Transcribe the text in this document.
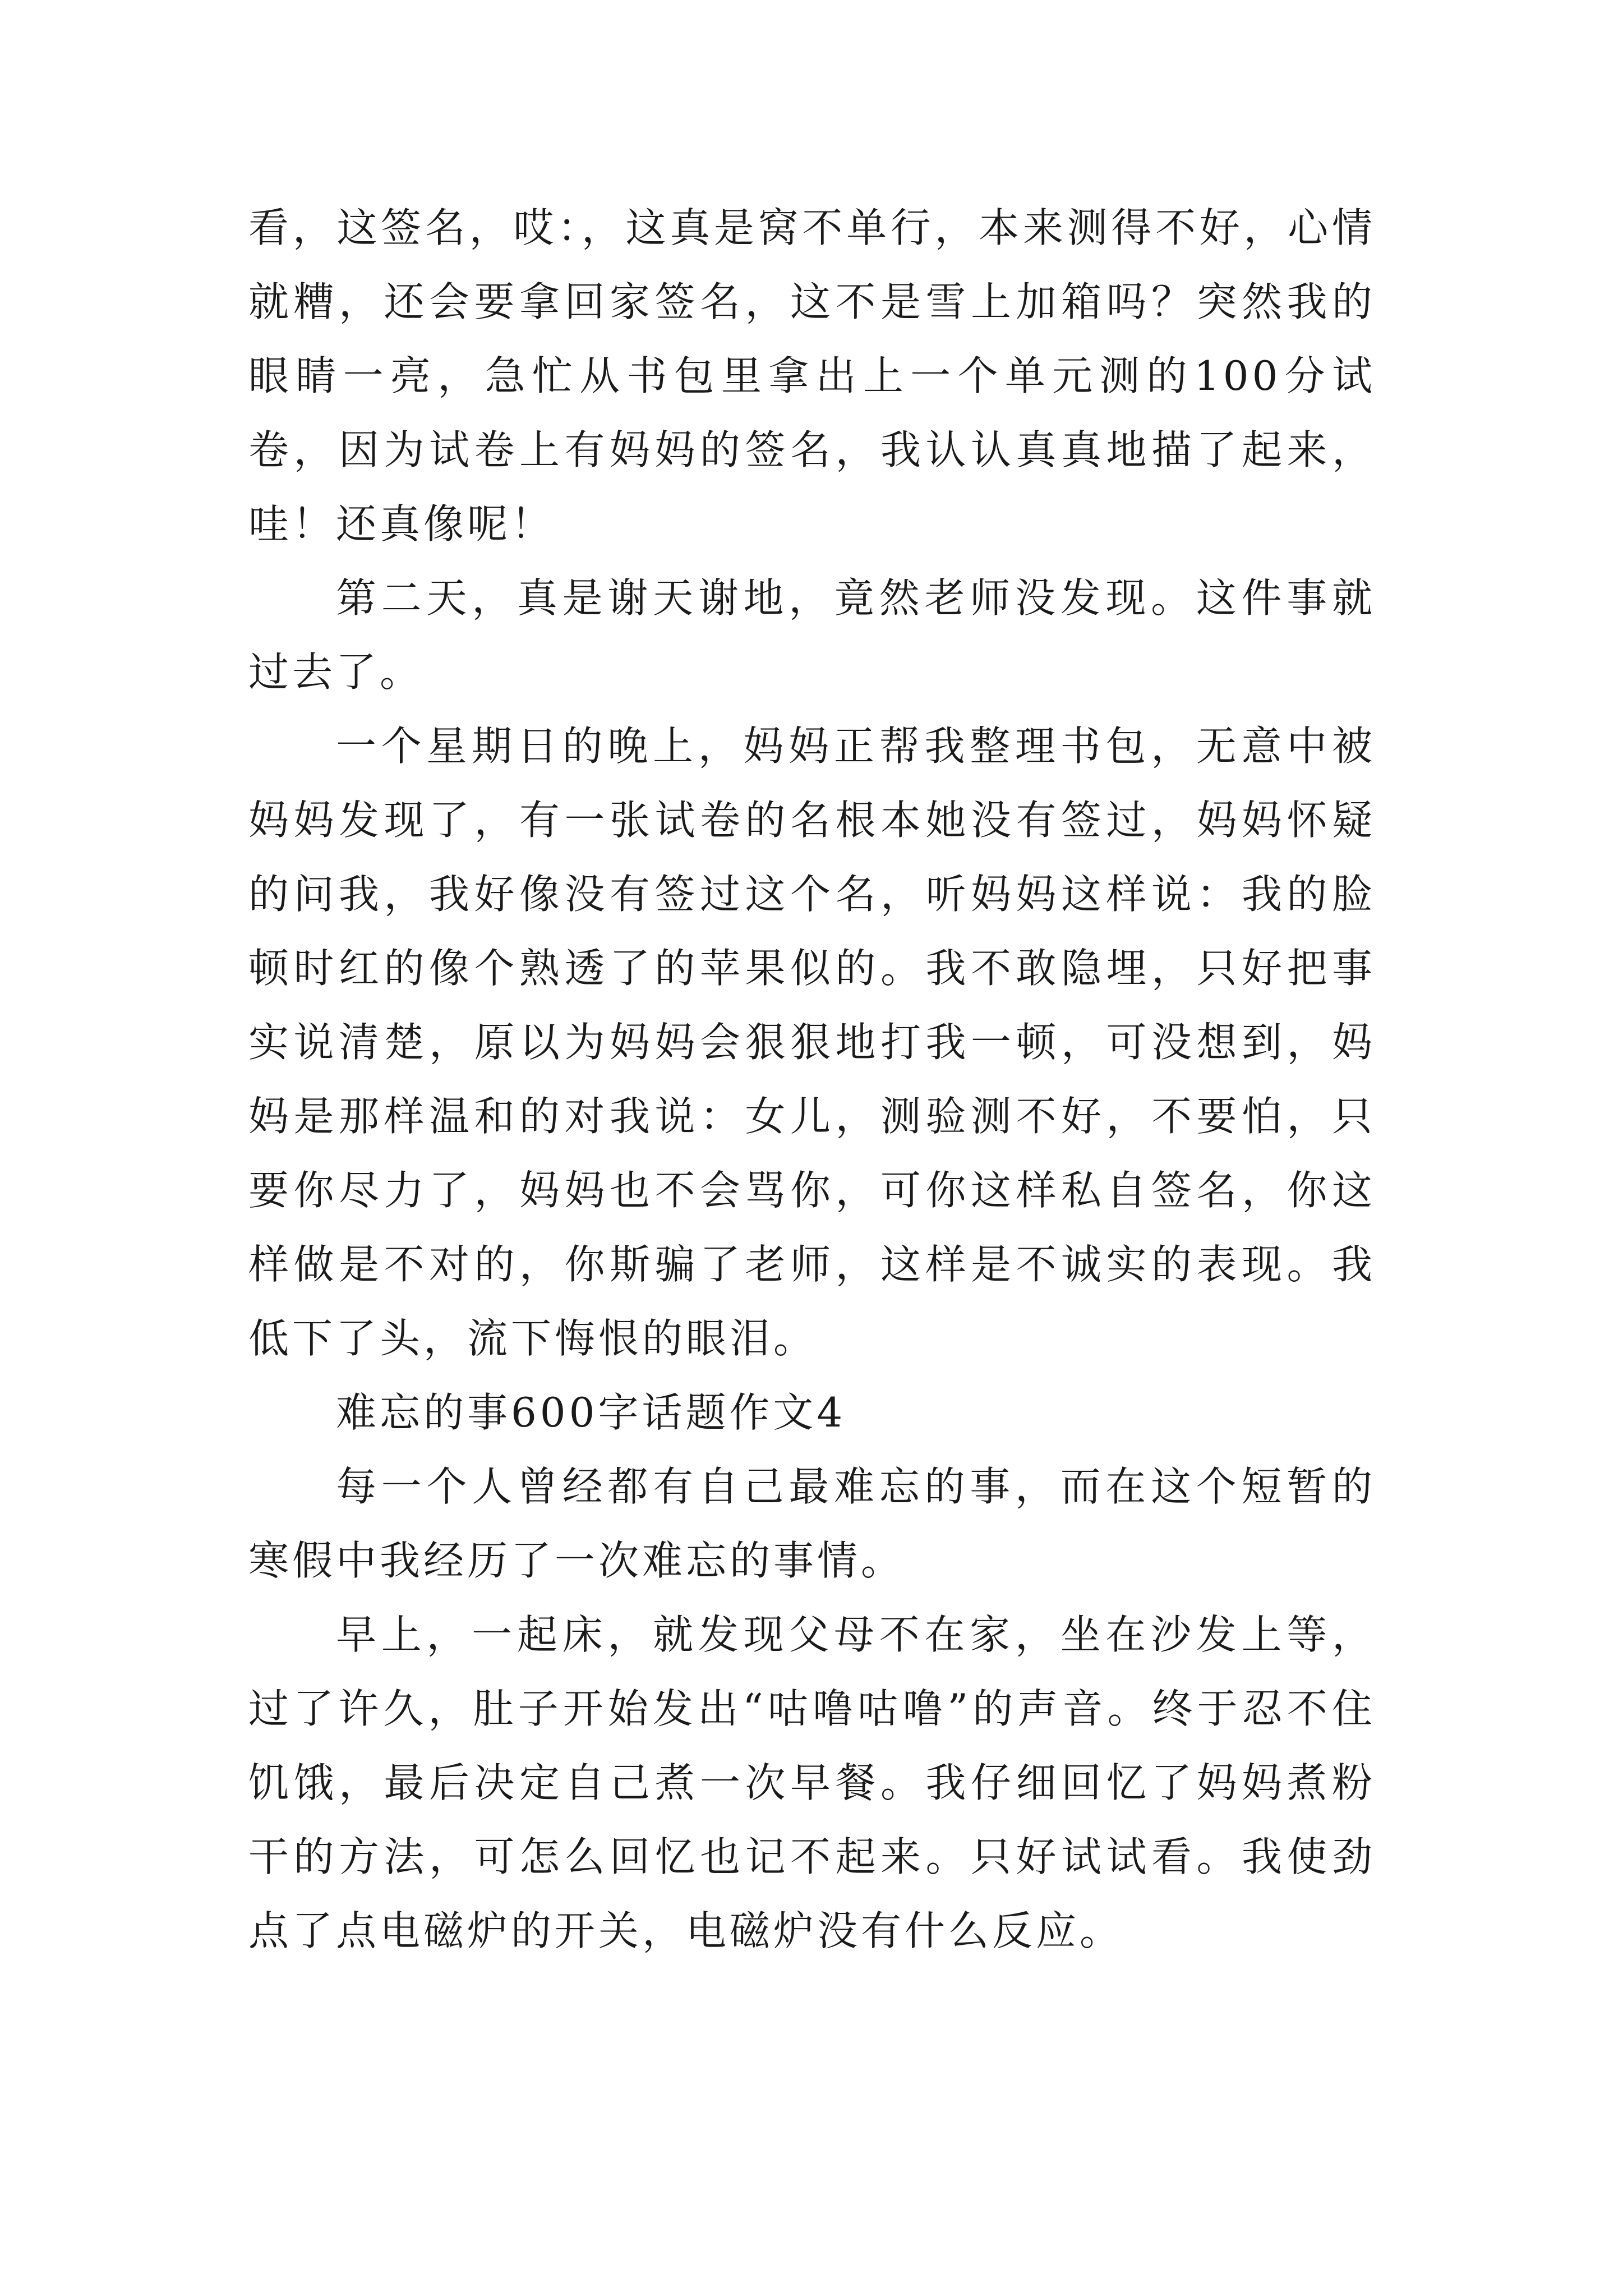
看，这签名，哎：，这真是窝不单行，本来测得不好，心情就糟，还会要拿回家签名，这不是雪上加箱吗？突然我的眼睛一亮，急忙从书包里拿出上一个单元测的100分试卷，因为试卷上有妈妈的签名，我认认真真地描了起来，哇！还真像呢！

第二天，真是谢天谢地，竟然老师没发现。这件事就过去了。

一个星期日的晚上，妈妈正帮我整理书包，无意中被妈妈发现了，有一张试卷的名根本她没有签过，妈妈怀疑的问我，我好像没有签过这个名，听妈妈这样说：我的脸顿时红的像个熟透了的苹果似的。我不敢隐埋，只好把事实说清楚，原以为妈妈会狠狠地打我一顿，可没想到，妈妈是那样温和的对我说：女儿，测验测不好，不要怕，只要你尽力了，妈妈也不会骂你，可你这样私自签名，你这样做是不对的，你斯骗了老师，这样是不诚实的表现。我低下了头，流下悔恨的眼泪。

难忘的事600字话题作文4

每一个人曾经都有自己最难忘的事，而在这个短暂的寒假中我经历了一次难忘的事情。

早上，一起床，就发现父母不在家，坐在沙发上等，过了许久，肚子开始发出“咕噜咕噜”的声音。终于忍不住饥饿，最后决定自己煮一次早餐。我仔细回忆了妈妈煮粉干的方法，可怎么回忆也记不起来。只好试试看。我使劲点了点电磁炉的开关，电磁炉没有什么反应。
